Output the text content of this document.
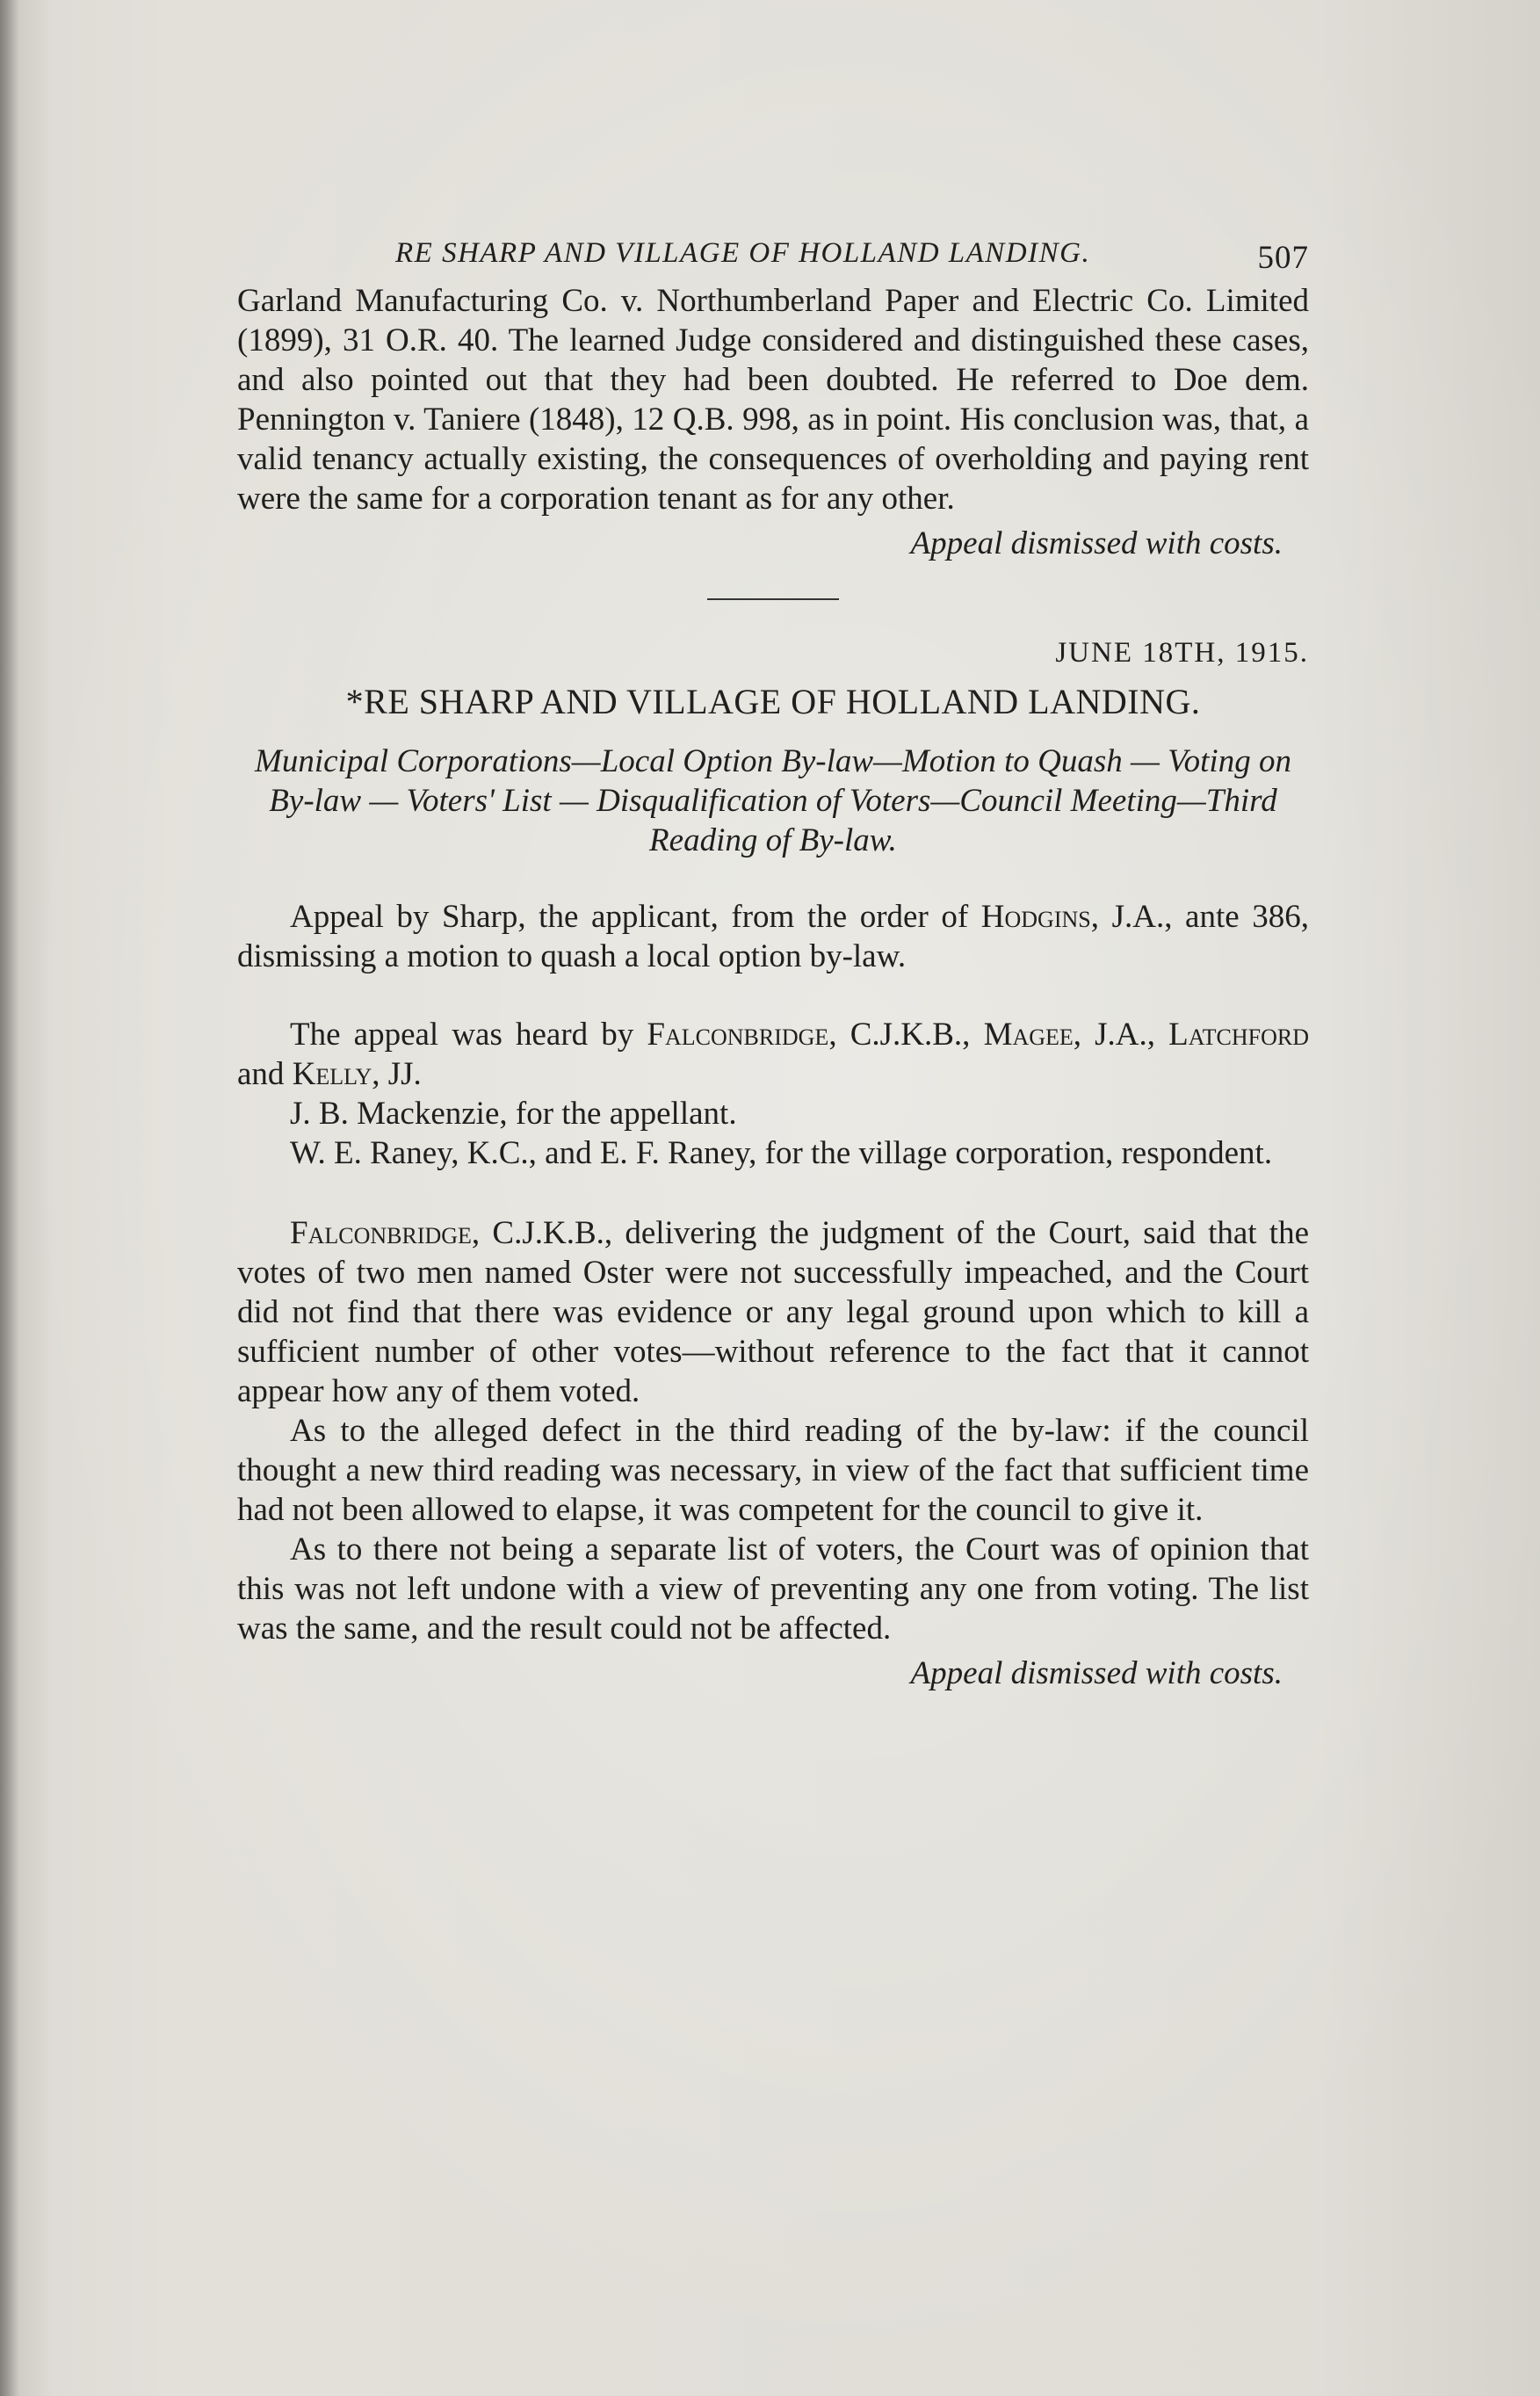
RE SHARP AND VILLAGE OF HOLLAND LANDING.	507

Garland Manufacturing Co. v. Northumberland Paper and Electric Co. Limited (1899), 31 O.R. 40. The learned Judge considered and distinguished these cases, and also pointed out that they had been doubted. He referred to Doe dem. Pennington v. Taniere (1848), 12 Q.B. 998, as in point. His conclusion was, that, a valid tenancy actually existing, the consequences of overholding and paying rent were the same for a corporation tenant as for any other.

Appeal dismissed with costs.
JUNE 18TH, 1915.
*RE SHARP AND VILLAGE OF HOLLAND LANDING.
Municipal Corporations—Local Option By-law—Motion to Quash — Voting on By-law — Voters' List — Disqualification of Voters—Council Meeting—Third Reading of By-law.

Appeal by Sharp, the applicant, from the order of Hodgins, J.A., ante 386, dismissing a motion to quash a local option by-law.

The appeal was heard by Falconbridge, C.J.K.B., Magee, J.A., Latchford and Kelly, JJ.

J. B. Mackenzie, for the appellant.

W. E. Raney, K.C., and E. F. Raney, for the village corporation, respondent.

Falconbridge, C.J.K.B., delivering the judgment of the Court, said that the votes of two men named Oster were not successfully impeached, and the Court did not find that there was evidence or any legal ground upon which to kill a sufficient number of other votes—without reference to the fact that it cannot appear how any of them voted.

As to the alleged defect in the third reading of the by-law: if the council thought a new third reading was necessary, in view of the fact that sufficient time had not been allowed to elapse, it was competent for the council to give it.

As to there not being a separate list of voters, the Court was of opinion that this was not left undone with a view of preventing any one from voting. The list was the same, and the result could not be affected.

Appeal dismissed with costs.
